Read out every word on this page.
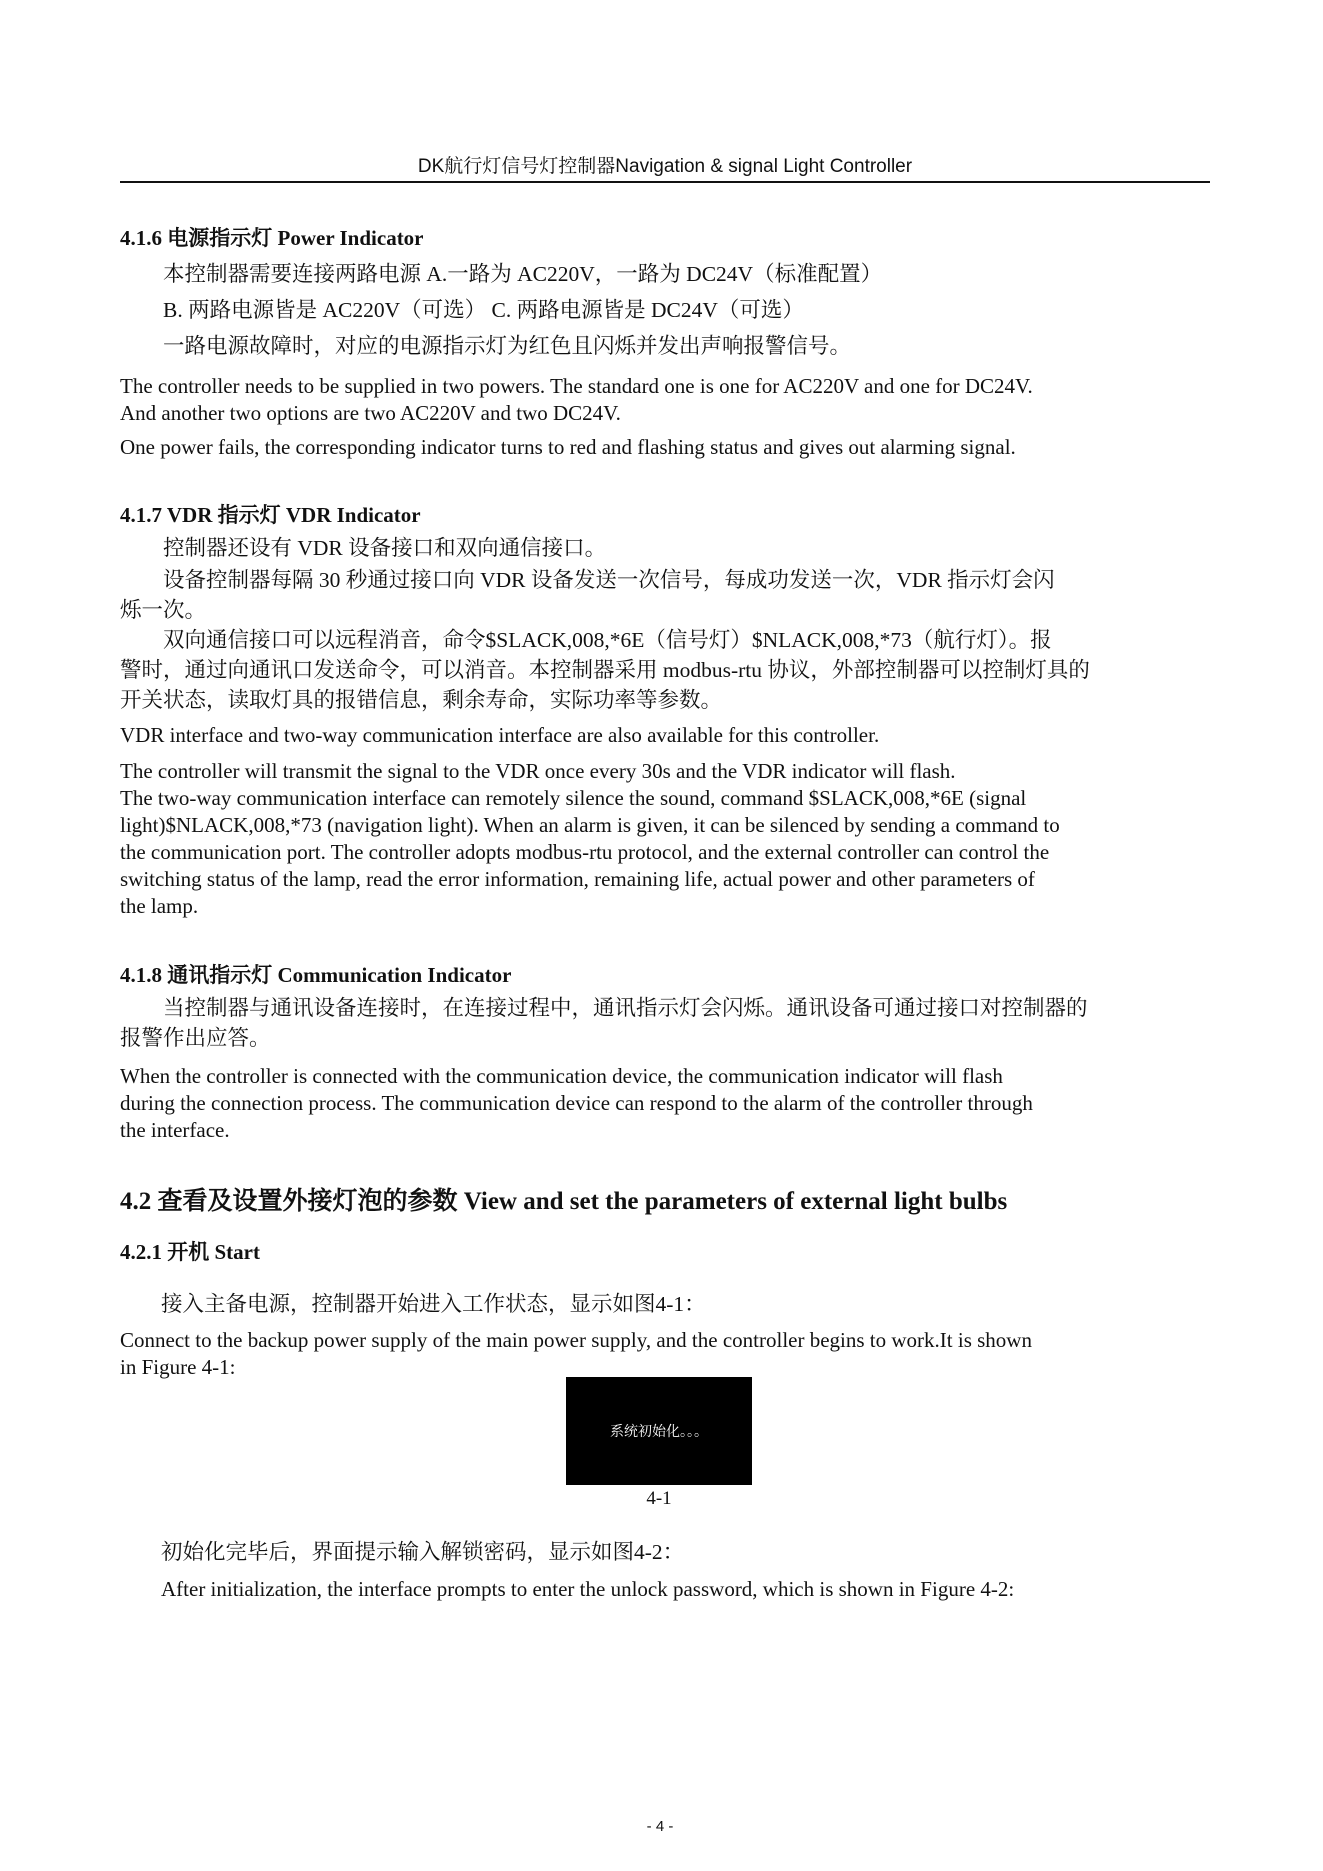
DK航行灯信号灯控制器Navigation & signal Light Controller
4.1.6 电源指示灯 Power Indicator
本控制器需要连接两路电源 A.一路为 AC220V，一路为 DC24V（标准配置）
B. 两路电源皆是 AC220V（可选） C. 两路电源皆是 DC24V（可选）
一路电源故障时，对应的电源指示灯为红色且闪烁并发出声响报警信号。
The controller needs to be supplied in two powers. The standard one is one for AC220V and one for DC24V.
And another two options are two AC220V and two DC24V.
One power fails, the corresponding indicator turns to red and flashing status and gives out alarming signal.
4.1.7 VDR 指示灯 VDR Indicator
控制器还设有 VDR 设备接口和双向通信接口。
设备控制器每隔 30 秒通过接口向 VDR 设备发送一次信号，每成功发送一次，VDR 指示灯会闪
烁一次。
双向通信接口可以远程消音，命令$SLACK,008,*6E（信号灯）$NLACK,008,*73（航行灯）。报
警时，通过向通讯口发送命令，可以消音。本控制器采用 modbus-rtu 协议，外部控制器可以控制灯具的
开关状态，读取灯具的报错信息，剩余寿命，实际功率等参数。
VDR interface and two-way communication interface are also available for this controller.
The controller will transmit the signal to the VDR once every 30s and the VDR indicator will flash.
The two-way communication interface can remotely silence the sound, command $SLACK,008,*6E (signal
light)$NLACK,008,*73 (navigation light). When an alarm is given, it can be silenced by sending a command to
the communication port. The controller adopts modbus-rtu protocol, and the external controller can control the
switching status of the lamp, read the error information, remaining life, actual power and other parameters of
the lamp.
4.1.8 通讯指示灯 Communication Indicator
当控制器与通讯设备连接时，在连接过程中，通讯指示灯会闪烁。通讯设备可通过接口对控制器的
报警作出应答。
When the controller is connected with the communication device, the communication indicator will flash
during the connection process. The communication device can respond to the alarm of the controller through
the interface.
4.2 查看及设置外接灯泡的参数 View and set the parameters of external light bulbs
4.2.1 开机 Start
接入主备电源，控制器开始进入工作状态，显示如图4-1：
Connect to the backup power supply of the main power supply, and the controller begins to work.It is shown
in Figure 4-1:
系统初始化。。。
4-1
初始化完毕后，界面提示输入解锁密码，显示如图4-2：
After initialization, the interface prompts to enter the unlock password, which is shown in Figure 4-2:
- 4 -
